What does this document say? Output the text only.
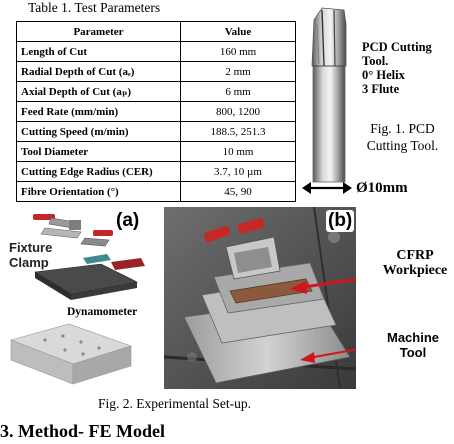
Table 1. Test Parameters
Parameter	Value
Length of Cut	160 mm
Radial Depth of Cut (aₑ)	2 mm
Axial Depth of Cut (aₚ)	6 mm
Feed Rate (mm/min)	800, 1200
Cutting Speed (m/min)	188.5, 251.3
Tool Diameter	10 mm
Cutting Edge Radius (CER)	3.7, 10 µm
Fibre Orientation (°)	45, 90
PCD Cutting
Tool.
0° Helix
3 Flute
Fig. 1. PCD
Cutting Tool.
Ø10mm
(a)
Fixture
Clamp
Dynamometer
(b)
CFRP
Workpiece
Machine
Tool
Fig. 2. Experimental Set-up.
3. Method- FE Model
